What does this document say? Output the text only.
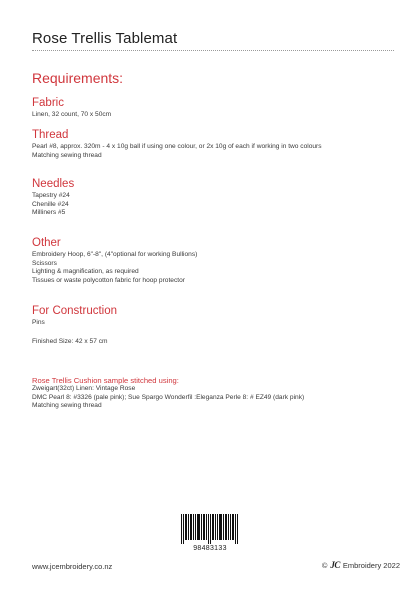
Rose Trellis Tablemat
Requirements:
Fabric
Linen, 32 count, 70 x 50cm
Thread
Pearl #8, approx. 320m - 4 x 10g ball if using one colour, or 2x 10g of each if working in two colours
Matching sewing thread
Needles
Tapestry #24
Chenille #24
Milliners #5
Other
Embroidery Hoop, 6"-8", (4"optional for working Bullions)
Scissors
Lighting & magnification, as required
Tissues or waste polycotton fabric for hoop protector
For Construction
Pins
Finished Size: 42 x 57 cm
Rose Trellis Cushion sample stitched using:
Zweigart(32ct) Linen: Vintage Rose
DMC Pearl 8: #3326 (pale pink); Sue Spargo Wonderfil :Eleganza Perle 8: # EZ49 (dark pink)
Matching sewing thread
98483133
www.jcembroidery.co.nz	© JC Embroidery 2022
